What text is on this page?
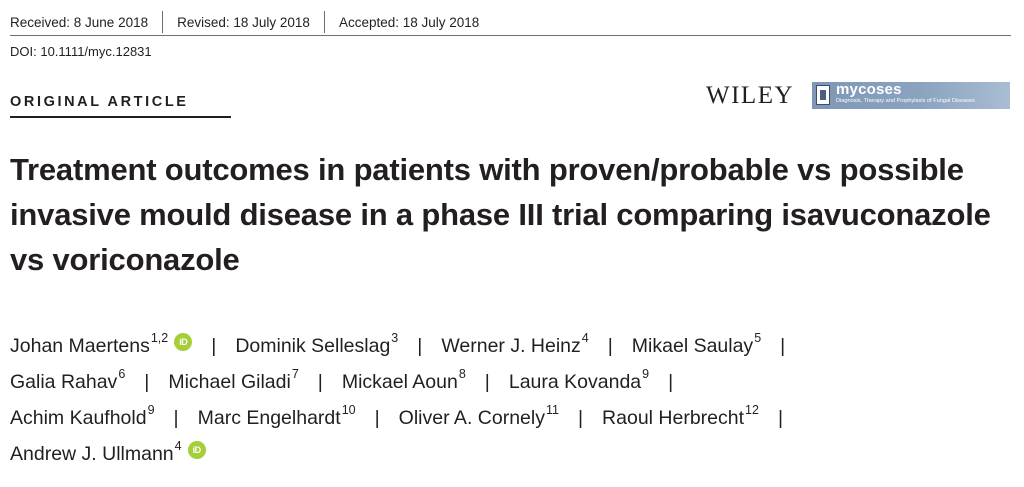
Received: 8 June 2018	Revised: 18 July 2018	Accepted: 18 July 2018
DOI: 10.1111/myc.12831
ORIGINAL ARTICLE	WILEY	mycoses
Diagnosis, Therapy and Prophylaxis of Fungal Diseases
Treatment outcomes in patients with proven/probable vs possible invasive mould disease in a phase III trial comparing isavuconazole vs voriconazole
Johan Maertens$^{1,2}$	iD | Dominik Selleslag$^3$ | Werner J. Heinz$^4$ | Mikael Saulay$^5$ |
Galia Rahav$^6$ | Michael Giladi$^7$ | Mickael Aoun$^8$ | Laura Kovanda$^9$ |
Achim Kaufhold$^9$ | Marc Engelhardt$^{10}$ | Oliver A. Cornely$^{11}$ | Raoul Herbrecht$^{12}$ |
Andrew J. Ullmann$^4$	iD
